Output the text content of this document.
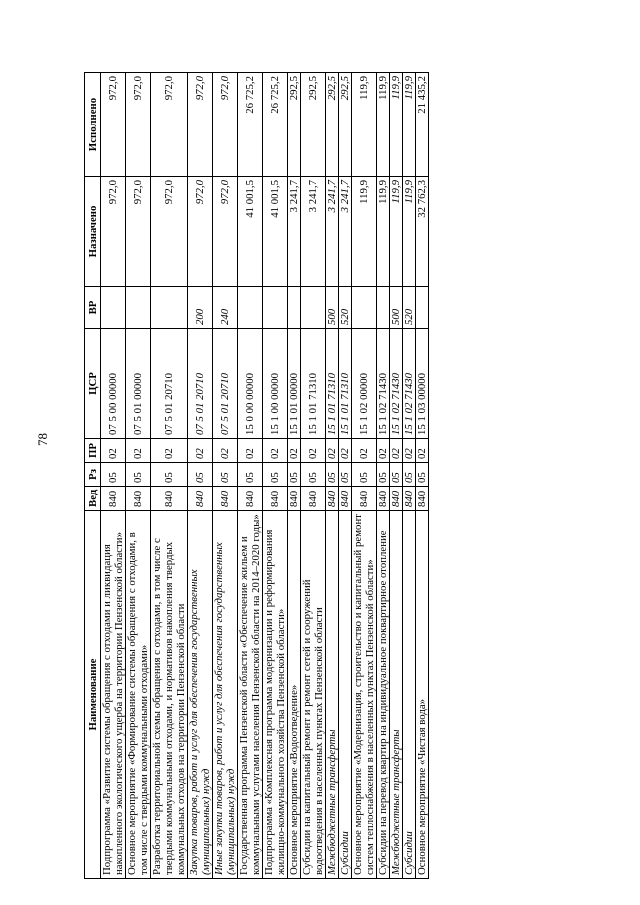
78
Наименование	Вед	Рз	ПР	ЦСР	ВР	Назначено	Исполнено
Подпрограмма «Развитие системы обращения с отходами и ликвидация накопленного экологического ущерба на территории Пензенской области»	840	05	02	07 5 00 00000		972,0	972,0
Основное мероприятие «Формирование системы обращения с отходами, в том числе с твердыми коммунальными отходами»	840	05	02	07 5 01 00000		972,0	972,0
Разработка территориальной схемы обращения с отходами, в том числе с твердыми коммунальными отходами, и нормативов накопления твердых коммунальных отходов на территории Пензенской области	840	05	02	07 5 01 20710		972,0	972,0
Закупка товаров, работ и услуг для обеспечения государственных (муниципальных) нужд	840	05	02	07 5 01 20710	200	972,0	972,0
Иные закупки товаров, работ и услуг для обеспечения государственных (муниципальных) нужд	840	05	02	07 5 01 20710	240	972,0	972,0
Государственная программа Пензенской области «Обеспечение жильем и коммунальными услугами населения Пензенской области на 2014–2020 годы»	840	05	02	15 0 00 00000		41 001,5	26 725,2
Подпрограмма «Комплексная программа модернизации и реформирования жилищно-коммунального хозяйства Пензенской области»	840	05	02	15 1 00 00000		41 001,5	26 725,2
Основное мероприятие «Водоотведение»	840	05	02	15 1 01 00000		3 241,7	292,5
Субсидии на капитальный ремонт и ремонт сетей и сооружений водоотведения в населенных пунктах Пензенской области	840	05	02	15 1 01 71310		3 241,7	292,5
Межбюджетные трансферты	840	05	02	15 1 01 71310	500	3 241,7	292,5
Субсидии	840	05	02	15 1 01 71310	520	3 241,7	292,5
Основное мероприятие «Модернизация, строительство и капитальный ремонт систем теплоснабжения в населенных пунктах Пензенской области»	840	05	02	15 1 02 00000		119,9	119,9
Субсидии на перевод квартир на индивидуальное поквартирное отопление	840	05	02	15 1 02 71430		119,9	119,9
Межбюджетные трансферты	840	05	02	15 1 02 71430	500	119,9	119,9
Субсидии	840	05	02	15 1 02 71430	520	119,9	119,9
Основное мероприятие «Чистая вода»	840	05	02	15 1 03 00000		32 762,3	21 435,2
